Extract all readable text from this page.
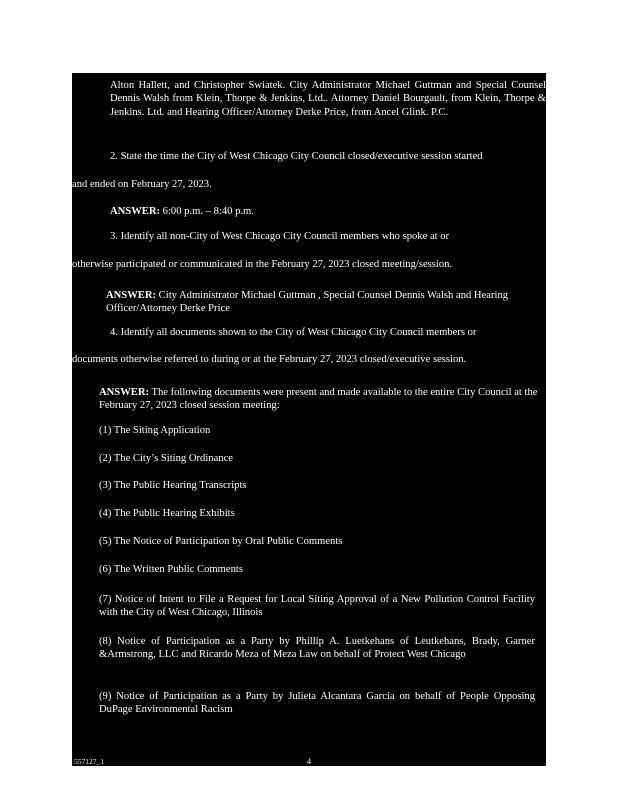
Alton Hallett, and Christopher Swiatek. City Administrator Michael Guttman and Special Counsel Dennis Walsh from Klein, Thorpe & Jenkins, Ltd.. Attorney Daniel Bourgault, from Klein, Thorpe & Jenkins. Ltd. and Hearing Officer/Attorney Derke Price, from Ancel Glink. P.C.

2. State the time the City of West Chicago City Council closed/executive session started

and ended on February 27, 2023.

ANSWER: 6:00 p.m. – 8:40 p.m.

3. Identify all non-City of West Chicago City Council members who spoke at or

otherwise participated or communicated in the February 27, 2023 closed meeting/session.

ANSWER: City Administrator Michael Guttman , Special Counsel Dennis Walsh and Hearing Officer/Attorney Derke Price

4. Identify all documents shown to the City of West Chicago City Council members or

documents otherwise referred to during or at the February 27, 2023 closed/executive session.

ANSWER: The following documents were present and made available to the entire City Council at the February 27, 2023 closed session meeting:

(1) The Siting Application

(2) The City’s Siting Ordinance

(3) The Public Hearing Transcripts

(4) The Public Hearing Exhibits

(5) The Notice of Participation by Oral Public Comments

(6) The Written Public Comments

(7) Notice of Intent to File a Request for Local Siting Approval of a New Pollution Control Facility with the City of West Chicago, Illinois

(8) Notice of Participation as a Party by Phillip A. Luetkehans of Leutkehans, Brady, Garner &Armstrong, LLC and Ricardo Meza of Meza Law on behalf of Protect West Chicago

(9) Notice of Participation as a Party by Julieta Alcantara Garcia on behalf of People Opposing DuPage Environmental Racism

557127_1	4
